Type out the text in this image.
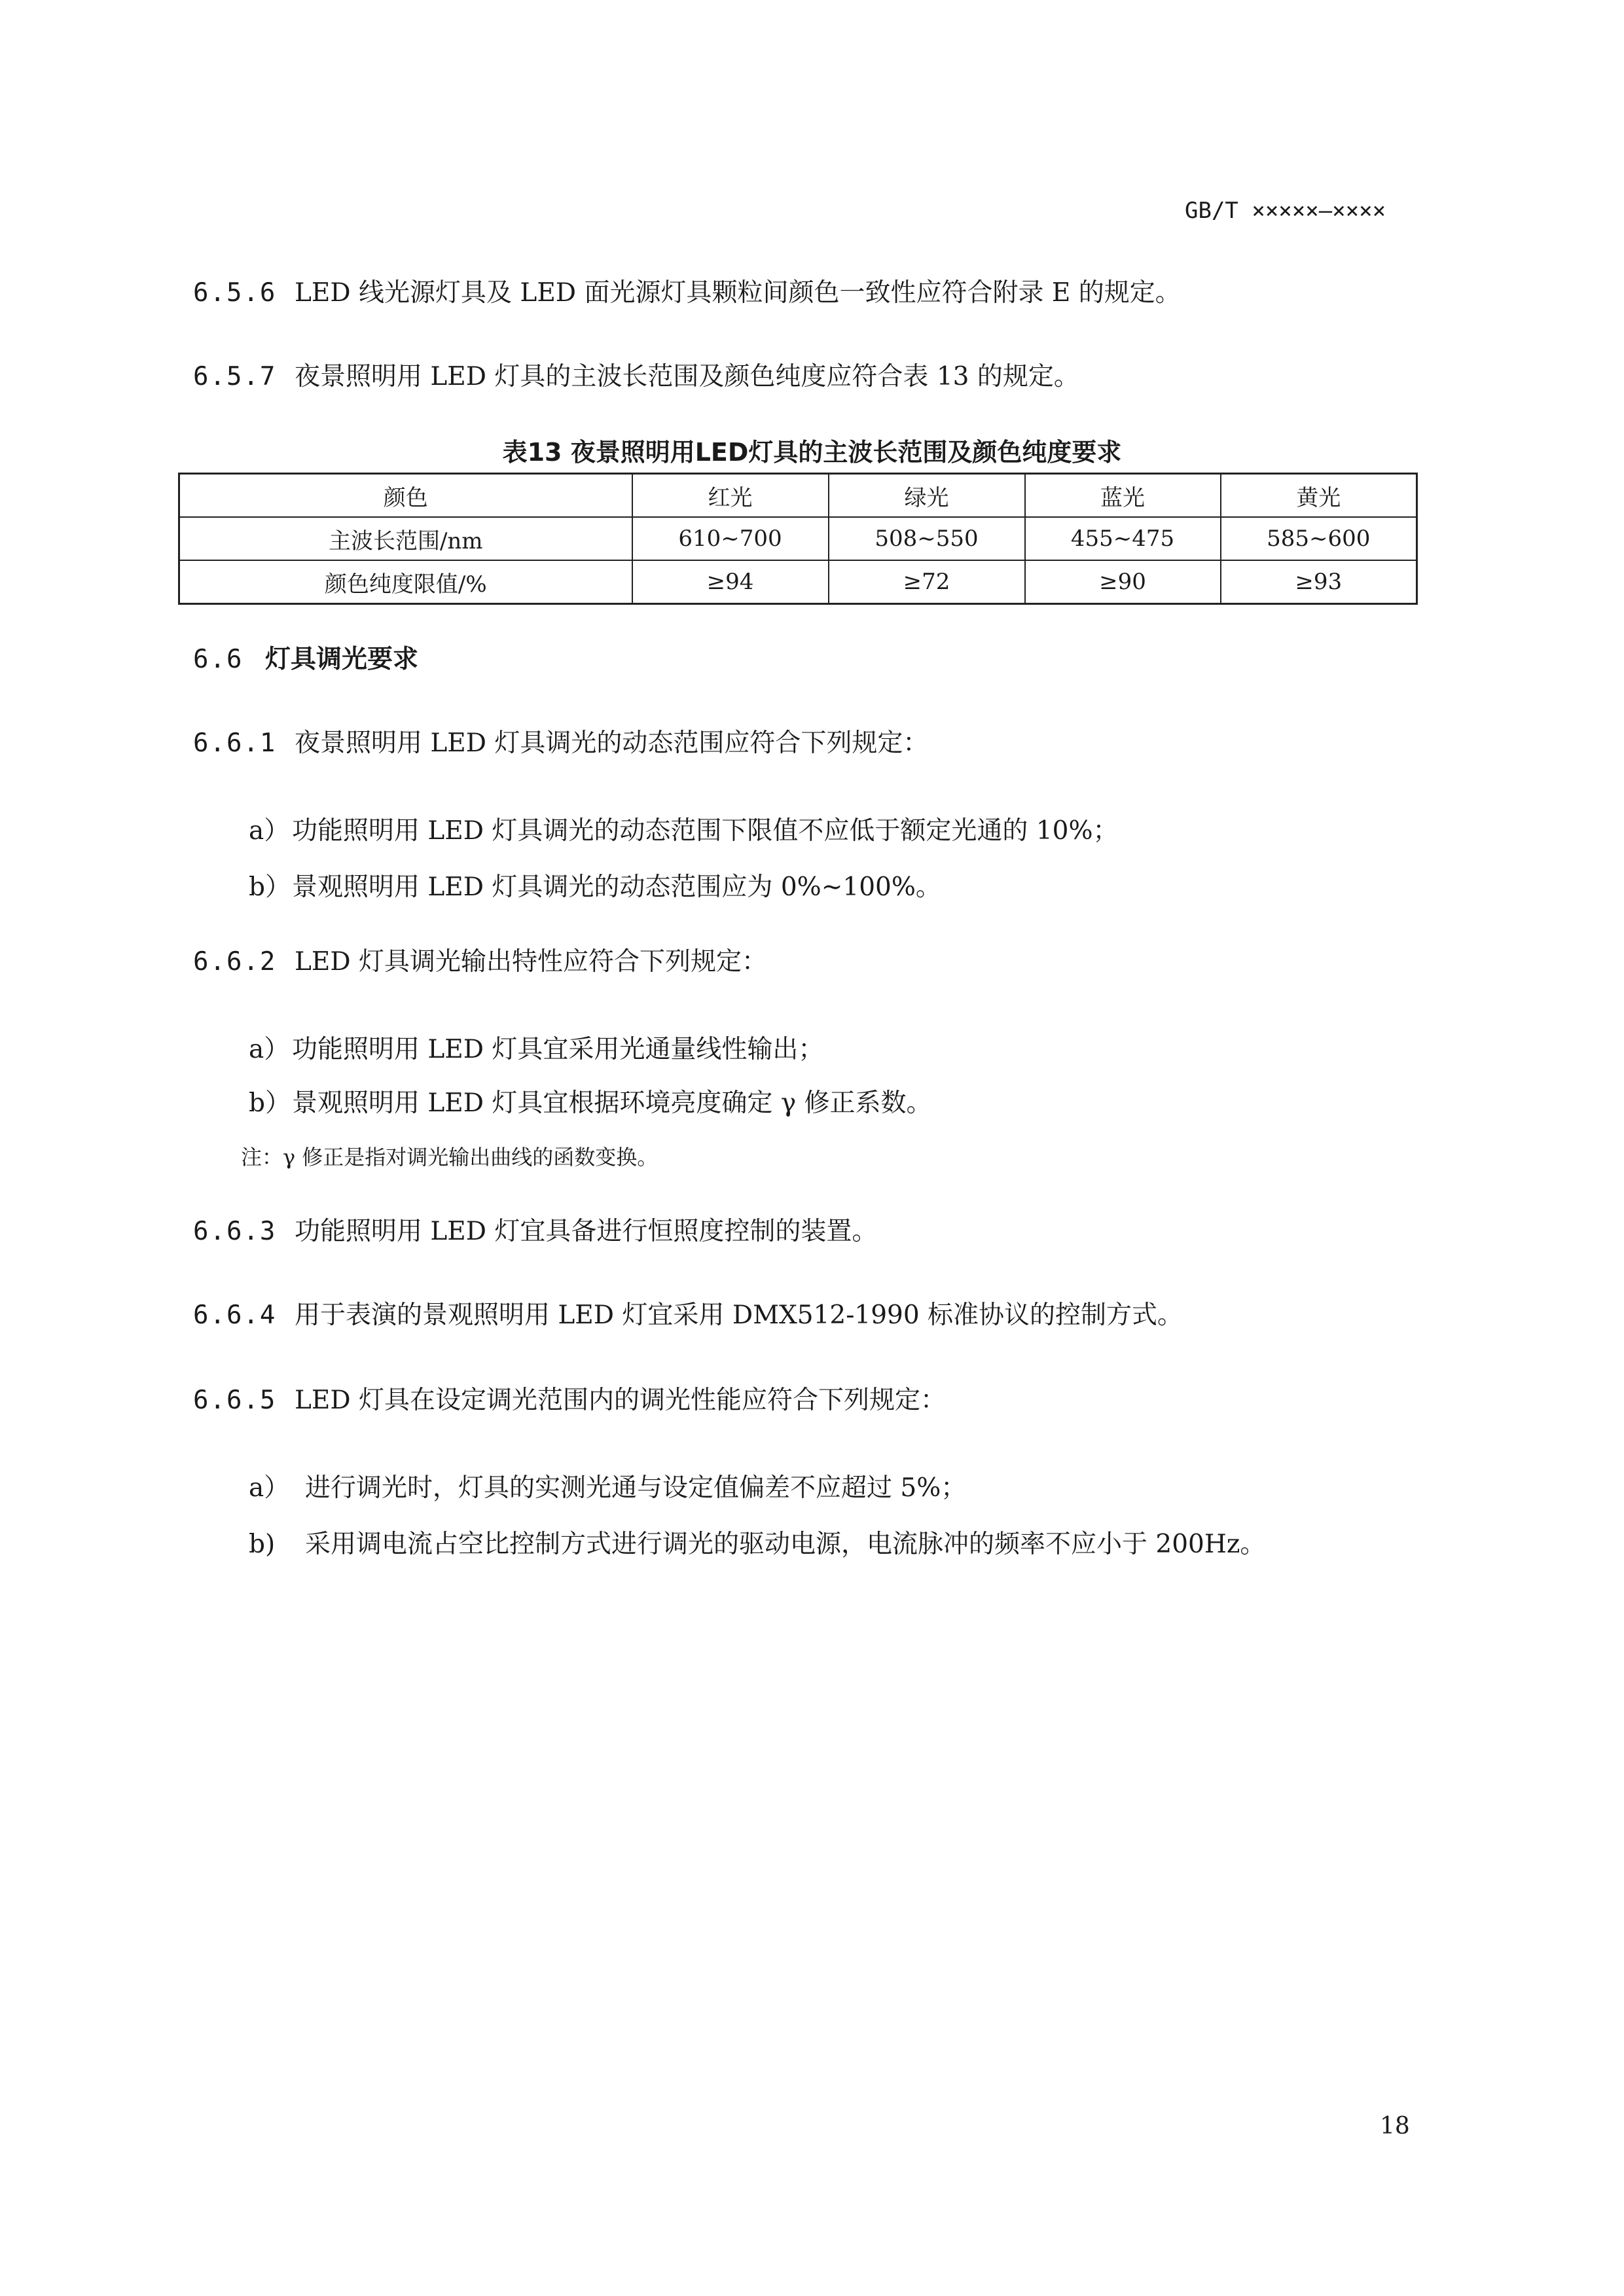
GB/T ×××××—××××
6.5.6 LED 线光源灯具及 LED 面光源灯具颗粒间颜色一致性应符合附录 E 的规定。
6.5.7 夜景照明用 LED 灯具的主波长范围及颜色纯度应符合表 13 的规定。
表13 夜景照明用LED灯具的主波长范围及颜色纯度要求
颜色	红光	绿光	蓝光	黄光
主波长范围/nm	610~700	508~550	455~475	585~600
颜色纯度限值/%	≥94	≥72	≥90	≥93
6.6 灯具调光要求
6.6.1 夜景照明用 LED 灯具调光的动态范围应符合下列规定：
a）功能照明用 LED 灯具调光的动态范围下限值不应低于额定光通的 10%；
b）景观照明用 LED 灯具调光的动态范围应为 0%~100%。
6.6.2 LED 灯具调光输出特性应符合下列规定：
a）功能照明用 LED 灯具宜采用光通量线性输出；
b）景观照明用 LED 灯具宜根据环境亮度确定 γ 修正系数。
注：γ 修正是指对调光输出曲线的函数变换。
6.6.3 功能照明用 LED 灯宜具备进行恒照度控制的装置。
6.6.4 用于表演的景观照明用 LED 灯宜采用 DMX512-1990 标准协议的控制方式。
6.6.5 LED 灯具在设定调光范围内的调光性能应符合下列规定：
a） 进行调光时，灯具的实测光通与设定值偏差不应超过 5%；
b) 采用调电流占空比控制方式进行调光的驱动电源，电流脉冲的频率不应小于 200Hz。
18
